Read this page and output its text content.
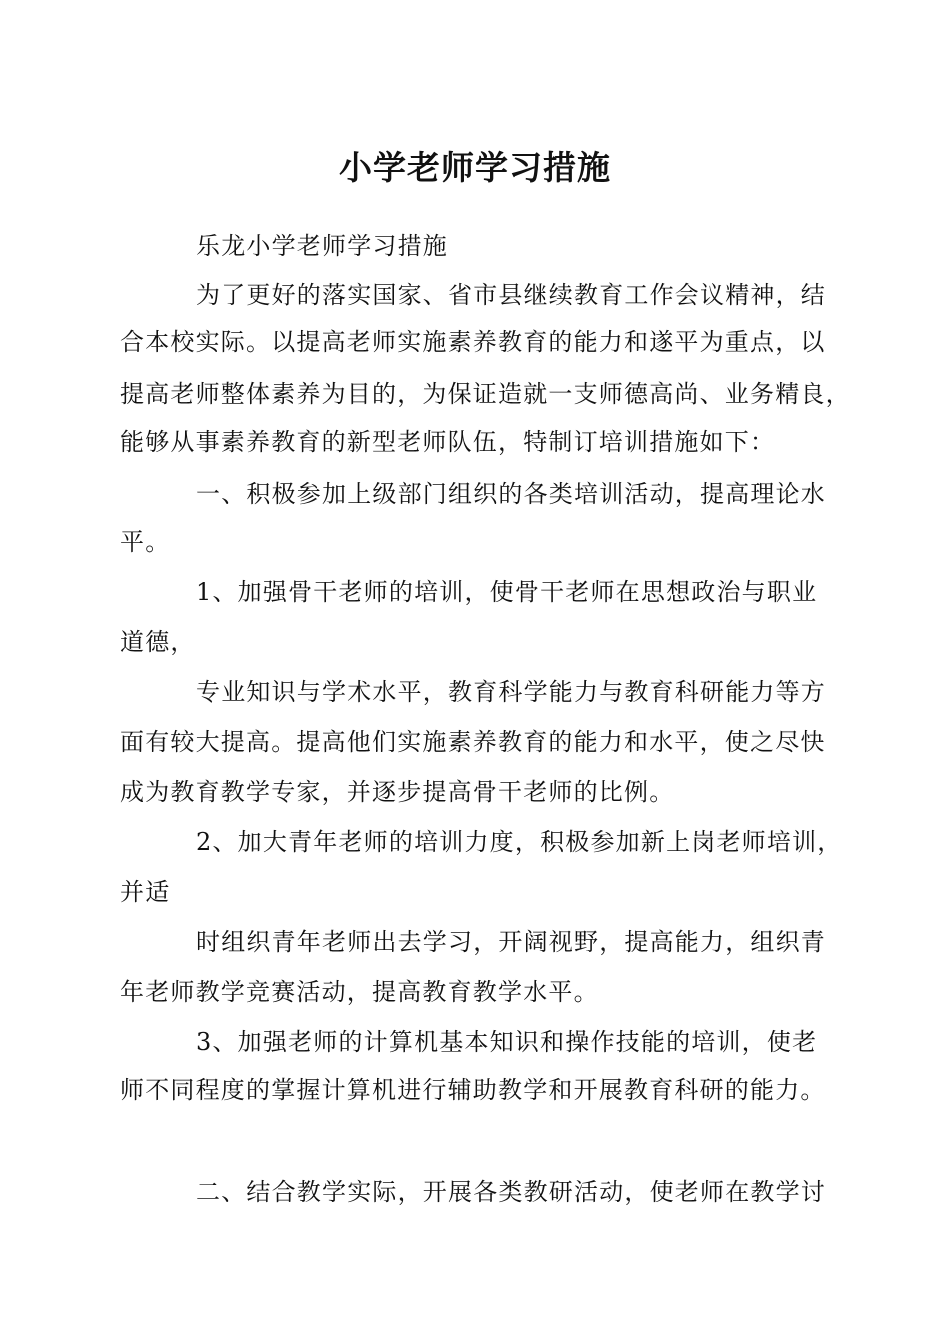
小学老师学习措施
乐龙小学老师学习措施
为了更好的落实国家、省市县继续教育工作会议精神，结
合本校实际。以提高老师实施素养教育的能力和遂平为重点，以
提高老师整体素养为目的，为保证造就一支师德高尚、业务精良，
能够从事素养教育的新型老师队伍，特制订培训措施如下：
一、积极参加上级部门组织的各类培训活动，提高理论水
平。
1、加强骨干老师的培训，使骨干老师在思想政治与职业
道德，
专业知识与学术水平，教育科学能力与教育科研能力等方
面有较大提高。提高他们实施素养教育的能力和水平，使之尽快
成为教育教学专家，并逐步提高骨干老师的比例。
2、加大青年老师的培训力度，积极参加新上岗老师培训，
并适
时组织青年老师出去学习，开阔视野，提高能力，组织青
年老师教学竞赛活动，提高教育教学水平。
3、加强老师的计算机基本知识和操作技能的培训，使老
师不同程度的掌握计算机进行辅助教学和开展教育科研的能力。
二、结合教学实际，开展各类教研活动，使老师在教学讨
